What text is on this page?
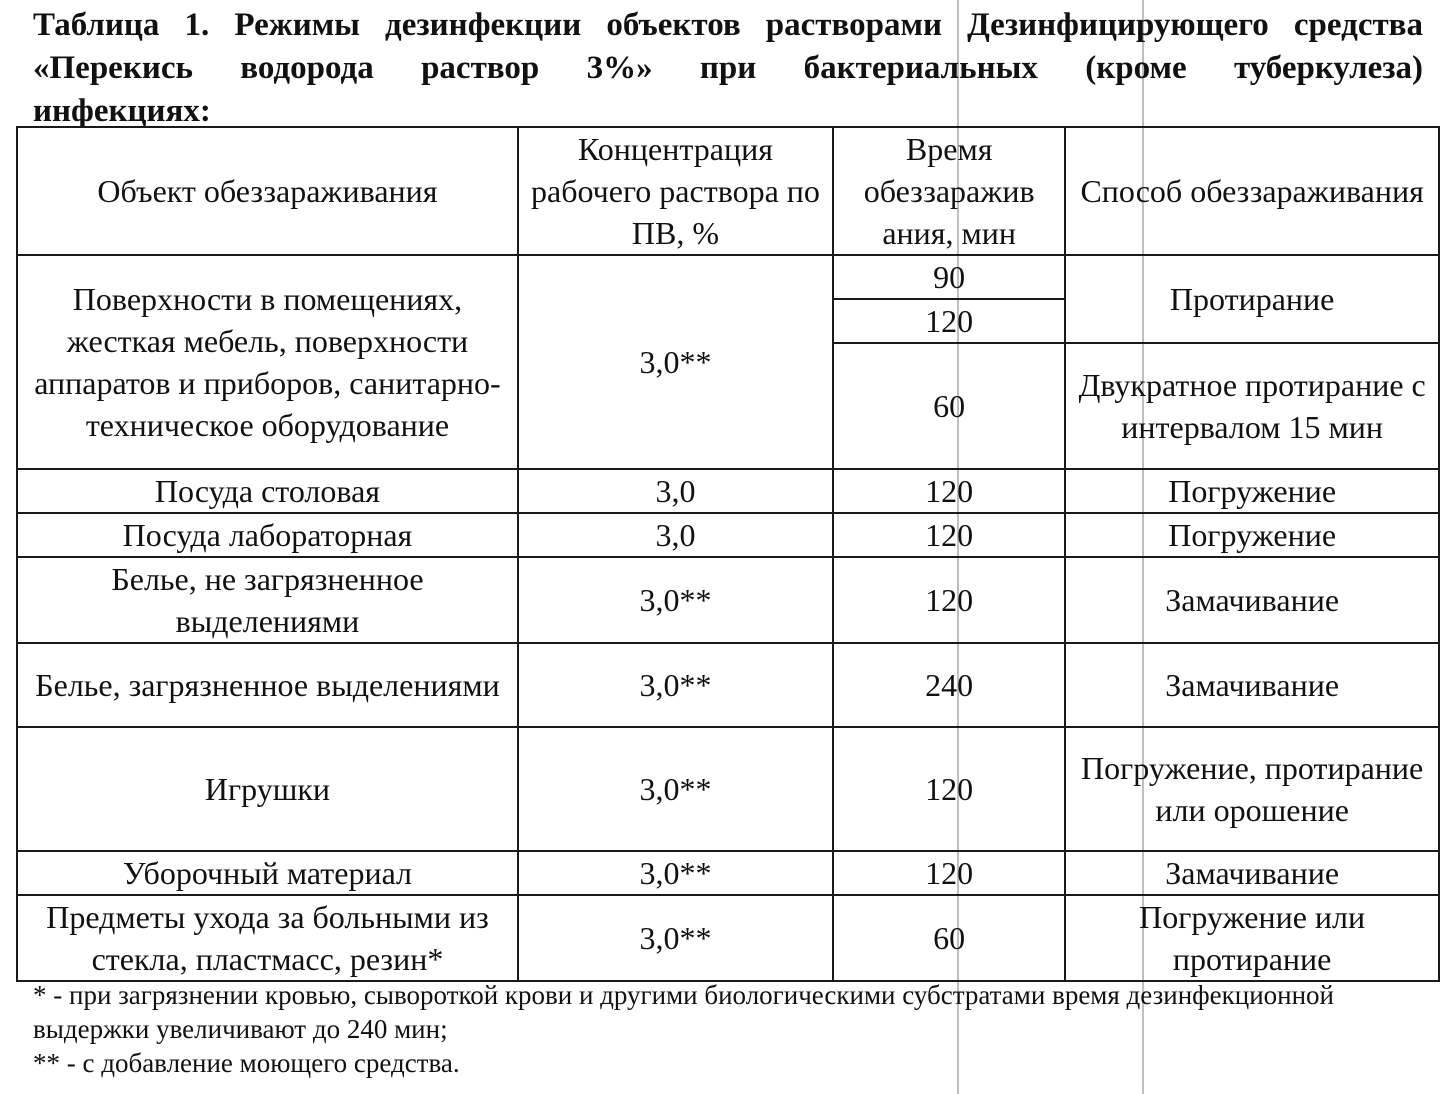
Таблица 1. Режимы дезинфекции объектов растворами Дезинфицирующего средства
«Перекись водорода раствор 3%» при бактериальных (кроме туберкулеза)
инфекциях:
Объект обеззараживания	Концентрация рабочего раствора по ПВ, %	Время обеззаражив ания, мин	Способ обеззараживания
Поверхности в помещениях, жесткая мебель, поверхности аппаратов и приборов, санитарно-техническое оборудование	3,0**	90	Протирание
		120	
		60	Двукратное протирание с интервалом 15 мин
Посуда столовая	3,0	120	Погружение
Посуда лабораторная	3,0	120	Погружение
Белье, не загрязненное выделениями	3,0**	120	Замачивание
Белье, загрязненное выделениями	3,0**	240	Замачивание
Игрушки	3,0**	120	Погружение, протирание или орошение
Уборочный материал	3,0**	120	Замачивание
Предметы ухода за больными из стекла, пластмасс, резин*	3,0**	60	Погружение или протирание

* - при загрязнении кровью, сывороткой крови и другими биологическими субстратами время дезинфекционной выдержки увеличивают до 240 мин;

** - с добавление моющего средства.
